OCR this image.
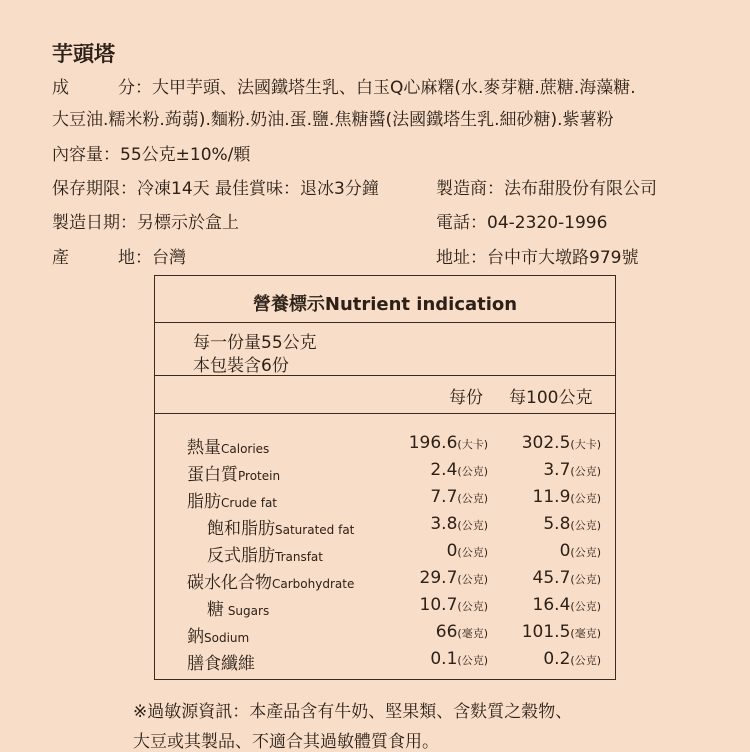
芋頭塔
成	分：大甲芋頭、法國鐵塔生乳、白玉Q心麻糬(水.麥芽糖.蔗糖.海藻糖.
大豆油.糯米粉.蒟蒻).麵粉.奶油.蛋.鹽.焦糖醬(法國鐵塔生乳.細砂糖).紫薯粉
內容量：55公克±10%/顆
保存期限：冷凍14天 最佳賞味：退冰3分鐘
製造日期：另標示於盒上
產	地：台灣
製造商：法布甜股份有限公司
電話：04-2320-1996
地址：台中市大墩路979號
營養標示Nutrient indication
每一份量55公克
本包裝含6份
每份 每100公克
熱量Calories	196.6(大卡) 302.5(大卡)
蛋白質Protein	2.4(公克)	3.7(公克)
脂肪Crude fat	7.7(公克)	11.9(公克)
飽和脂肪Saturated fat	3.8(公克)	5.8(公克)
反式脂肪Transfat	0(公克)	0(公克)
碳水化合物Carbohydrate	29.7(公克)	45.7(公克)
糖 Sugars	10.7(公克)	16.4(公克)
鈉Sodium	66(毫克) 101.5(毫克)
膳食纖維	0.1(公克)	0.2(公克)
※過敏源資訊：本產品含有牛奶、堅果類、含麩質之穀物、
大豆或其製品、不適合其過敏體質食用。
